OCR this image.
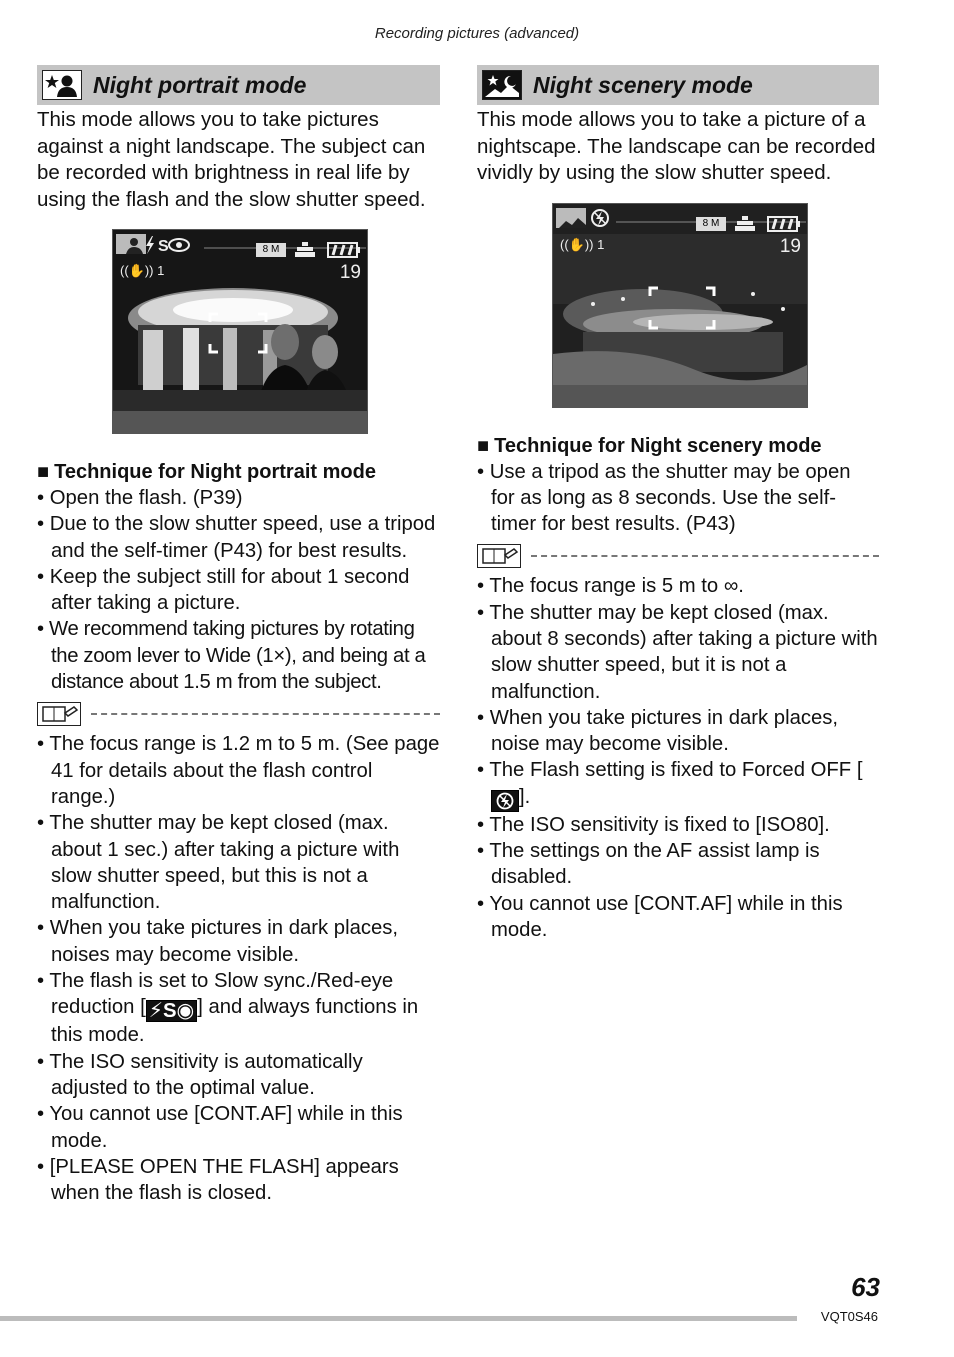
Recording pictures (advanced)
Night portrait mode

This mode allows you to take pictures against a night landscape. The subject can be recorded with brightness in real life by using the flash and the slow shutter speed.

S	8 M
((✋)) 1	19
■ Technique for Night portrait mode
• Open the flash. (P39)
• Due to the slow shutter speed, use a tripod and the self-timer (P43) for best results.
• Keep the subject still for about 1 second after taking a picture.
• We recommend taking pictures by rotating the zoom lever to Wide (1×), and being at a distance about 1.5 m from the subject.
• The focus range is 1.2 m to 5 m. (See page 41 for details about the flash control range.)
• The shutter may be kept closed (max. about 1 sec.) after taking a picture with slow shutter speed, but this is not a malfunction.
• When you take pictures in dark places, noises may become visible.
• The flash is set to Slow sync./Red-eye reduction [ ⚡S◉ ] and always functions in this mode.
• The ISO sensitivity is automatically adjusted to the optimal value.
• You cannot use [CONT.AF] while in this mode.
• [PLEASE OPEN THE FLASH] appears when the flash is closed.
Night scenery mode

This mode allows you to take a picture of a nightscape. The landscape can be recorded vividly by using the slow shutter speed.

8 M
((✋)) 1	19
■ Technique for Night scenery mode
• Use a tripod as the shutter may be open for as long as 8 seconds. Use the self-timer for best results. (P43)
• The focus range is 5 m to ∞.
• The shutter may be kept closed (max. about 8 seconds) after taking a picture with slow shutter speed, but it is not a malfunction.
• When you take pictures in dark places, noise may become visible.
• The Flash setting is fixed to Forced OFF [].
• The ISO sensitivity is fixed to [ISO80].
• The settings on the AF assist lamp is disabled.
• You cannot use [CONT.AF] while in this mode.
63
VQT0S46
